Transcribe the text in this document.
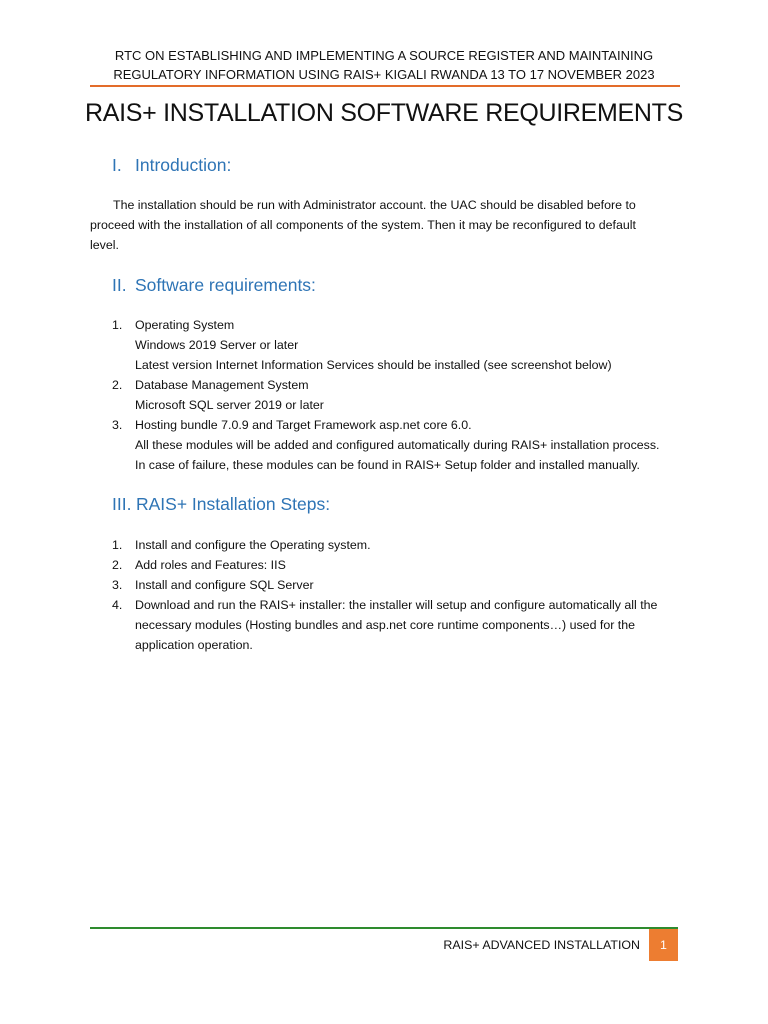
RTC ON ESTABLISHING AND IMPLEMENTING A SOURCE REGISTER AND MAINTAINING
REGULATORY INFORMATION USING RAIS+ KIGALI RWANDA 13 TO 17 NOVEMBER 2023
RAIS+ INSTALLATION SOFTWARE REQUIREMENTS
I. Introduction:
The installation should be run with Administrator account. the UAC should be disabled before to
proceed with the installation of all components of the system. Then it may be reconfigured to default
level.
II. Software requirements:
1.	Operating System
Windows 2019 Server or later
Latest version Internet Information Services should be installed (see screenshot below)
2.	Database Management System
Microsoft SQL server 2019 or later
3.	Hosting bundle 7.0.9 and Target Framework asp.net core 6.0.
All these modules will be added and configured automatically during RAIS+ installation process.
In case of failure, these modules can be found in RAIS+ Setup folder and installed manually.
III. RAIS+ Installation Steps:
1.	Install and configure the Operating system.
2.	Add roles and Features: IIS
3.	Install and configure SQL Server
4.	Download and run the RAIS+ installer: the installer will setup and configure automatically all the
necessary modules (Hosting bundles and asp.net core runtime components…) used for the
application operation.
RAIS+ ADVANCED INSTALLATION 1
